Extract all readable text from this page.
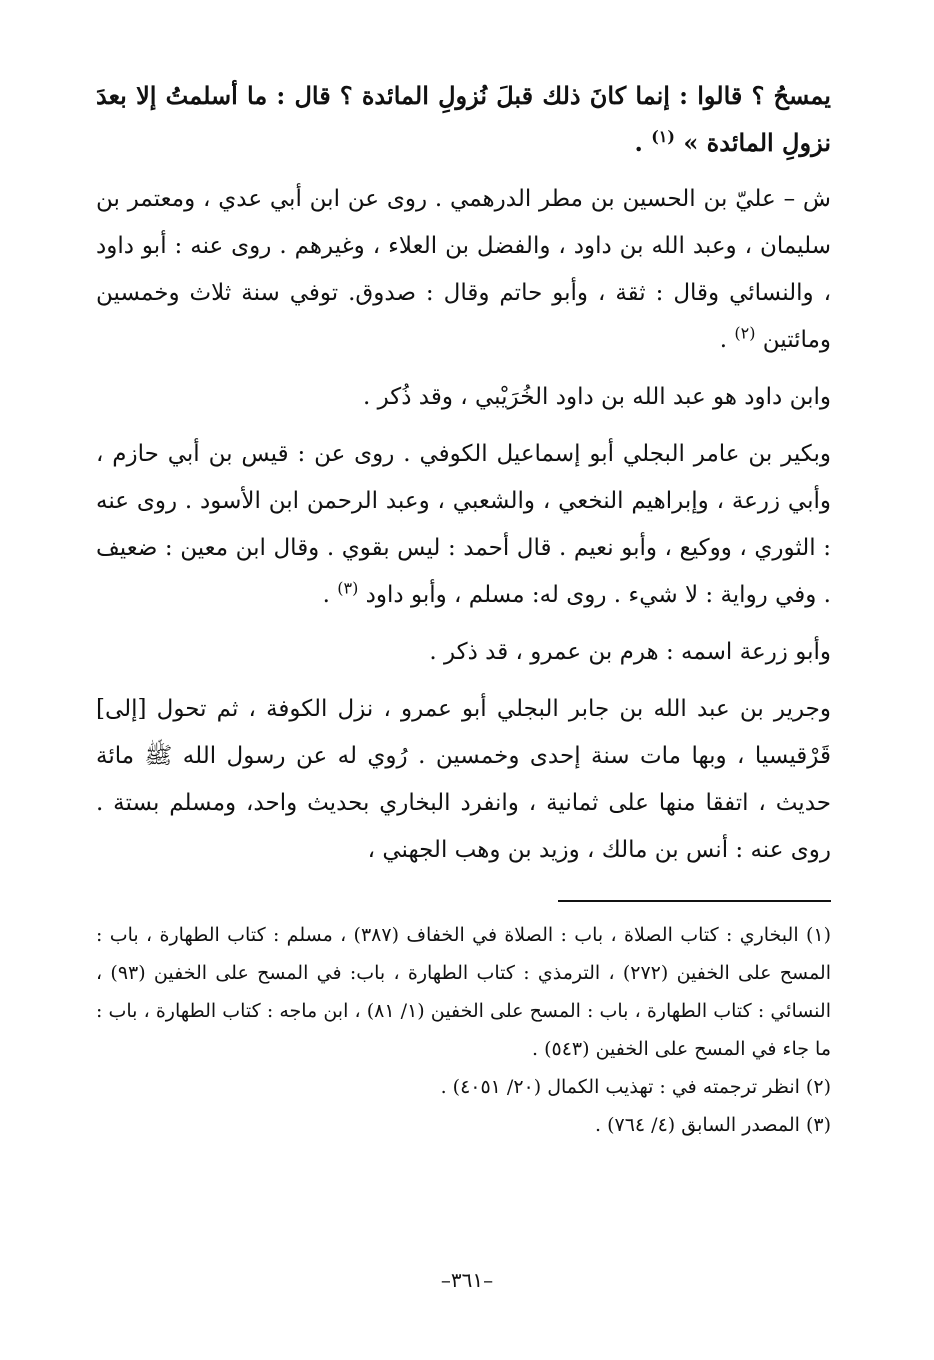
يمسحُ ؟ قالوا : إنما كانَ ذلك قبلَ نُزولِ المائدة ؟ قال : ما أسلمتُ إلا بعدَ نزولِ المائدة » $^{(١)}$ .

ش – عليّ بن الحسين بن مطر الدرهمي . روى عن ابن أبي عدي ، ومعتمر بن سليمان ، وعبد الله بن داود ، والفضل بن العلاء ، وغيرهم . روى عنه : أبو داود ، والنسائي وقال : ثقة ، وأبو حاتم وقال : صدوق. توفي سنة ثلاث وخمسين ومائتين $^{(٢)}$ .

وابن داود هو عبد الله بن داود الخُرَيْبي ، وقد ذُكر .

وبكير بن عامر البجلي أبو إسماعيل الكوفي . روى عن : قيس بن أبي حازم ، وأبي زرعة ، وإبراهيم النخعي ، والشعبي ، وعبد الرحمن ابن الأسود . روى عنه : الثوري ، ووكيع ، وأبو نعيم . قال أحمد : ليس بقوي . وقال ابن معين : ضعيف . وفي رواية : لا شيء . روى له: مسلم ، وأبو داود $^{(٣)}$ .

وأبو زرعة اسمه : هرم بن عمرو ، قد ذكر .

وجرير بن عبد الله بن جابر البجلي أبو عمرو ، نزل الكوفة ، ثم تحول [إلى] قَرْقيسيا ، وبها مات سنة إحدى وخمسين . رُوي له عن رسول الله ﷺ مائة حديث ، اتفقا منها على ثمانية ، وانفرد البخاري بحديث واحد، ومسلم بستة . روى عنه : أنس بن مالك ، وزيد بن وهب الجهني ،

(١) البخاري : كتاب الصلاة ، باب : الصلاة في الخفاف (٣٨٧) ، مسلم : كتاب الطهارة ، باب : المسح على الخفين (٢٧٢) ، الترمذي : كتاب الطهارة ، باب: في المسح على الخفين (٩٣) ، النسائي : كتاب الطهارة ، باب : المسح على الخفين (١/ ٨١) ، ابن ماجه : كتاب الطهارة ، باب : ما جاء في المسح على الخفين (٥٤٣) .

(٢) انظر ترجمته في : تهذيب الكمال (٢٠/ ٤٠٥١) .

(٣) المصدر السابق (٤/ ٧٦٤) .

–٣٦١–
